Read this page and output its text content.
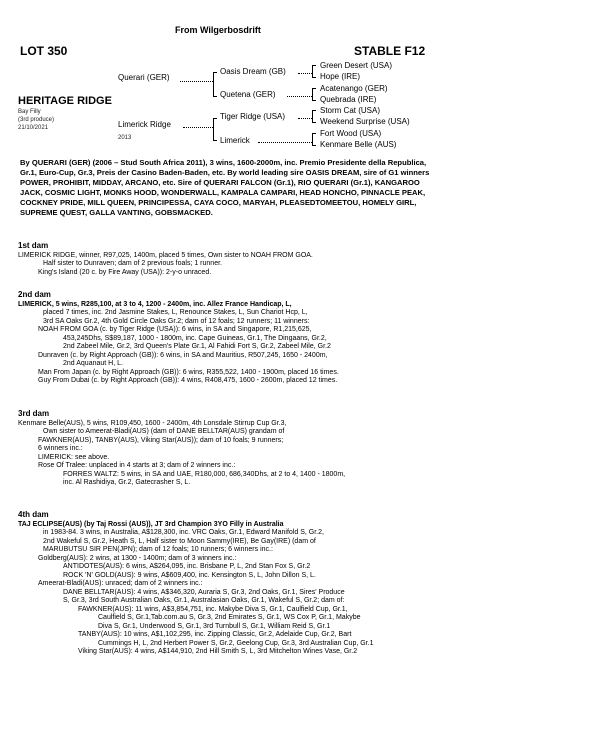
From Wilgerbosdrift
LOT 350	STABLE F12
HERITAGE RIDGE
Bay Filly
(3rd produce)
21/10/2021
Querari (GER)
Limerick Ridge
2013
Oasis Dream (GB)
Quetena (GER)
Tiger Ridge (USA)
Limerick
Green Desert (USA)
Hope (IRE)
Acatenango (GER)
Quebrada (IRE)
Storm Cat (USA)
Weekend Surprise (USA)
Fort Wood (USA)
Kenmare Belle (AUS)
By QUERARI (GER) (2006 – Stud South Africa 2011), 3 wins, 1600-2000m, inc. Premio Presidente della Republica, Gr.1, Euro-Cup, Gr.3, Preis der Casino Baden-Baden, etc. By world leading sire OASIS DREAM, sire of G1 winners POWER, PROHIBIT, MIDDAY, ARCANO, etc. Sire of QUERARI FALCON (Gr.1), RIO QUERARI (Gr.1), KANGAROO JACK, COSMIC LIGHT, MONKS HOOD, WONDERWALL, KAMPALA CAMPARI, HEAD HONCHO, PINNACLE PEAK, COCKNEY PRIDE, MILL QUEEN, PRINCIPESSA, CAYA COCO, MARYAH, PLEASEDTOMEETOU, HOMELY GIRL, SUPREME QUEST, GALLA VANTING, GOBSMACKED.
1st dam
LIMERICK RIDGE, winner, R97,025, 1400m, placed 5 times, Own sister to NOAH FROM GOA.
Half sister to Dunraven; dam of 2 previous foals; 1 runner.
King's Island (20 c. by Fire Away (USA)): 2-y-o unraced.
2nd dam
LIMERICK, 5 wins, R285,100, at 3 to 4, 1200 - 2400m, inc. Allez France Handicap, L,
placed 7 times, inc. 2nd Jasmine Stakes, L, Renounce Stakes, L, Sun Chariot Hcp, L,
3rd SA Oaks Gr.2, 4th Gold Circle Oaks Gr.2; dam of 12 foals; 12 runners; 11 winners:
NOAH FROM GOA (c. by Tiger Ridge (USA)): 6 wins, in SA and Singapore, R1,215,625,
453,245Dhs, S$89,187, 1000 - 1800m, inc. Cape Guineas, Gr.1, The Dingaans, Gr.2,
2nd Zabeel Mile, Gr.2, 3rd Queen's Plate Gr.1, Al Fahidi Fort S, Gr.2, Zabeel Mile, Gr.2
Dunraven (c. by Right Approach (GB)): 6 wins, in SA and Mauritius, R507,245, 1650 - 2400m,
2nd Aquanaut H, L.
Man From Japan (c. by Right Approach (GB)): 6 wins, R355,522, 1400 - 1900m, placed 16 times.
Guy From Dubai (c. by Right Approach (GB)): 4 wins, R408,475, 1600 - 2600m, placed 12 times.
3rd dam
Kenmare Belle(AUS), 5 wins, R109,450, 1600 - 2400m, 4th Lonsdale Stirrup Cup Gr.3,
Own sister to Ameerat-Bladi(AUS) (dam of DANE BELLTAR(AUS) grandam of
FAWKNER(AUS), TANBY(AUS), Viking Star(AUS)); dam of 10 foals; 9 runners;
6 winners inc.:
LIMERICK: see above.
Rose Of Tralee: unplaced in 4 starts at 3; dam of 2 winners inc.:
FORRES WALTZ: 5 wins, in SA and UAE, R180,000, 686,340Dhs, at 2 to 4, 1400 - 1800m,
inc. Al Rashidiya, Gr.2, Gatecrasher S, L.
4th dam
TAJ ECLIPSE(AUS) (by Taj Rossi (AUS)), JT 3rd Champion 3YO Filly in Australia
in 1983-84. 3 wins, in Australia, A$128,300, inc. VRC Oaks, Gr.1, Edward Manifold S, Gr.2,
2nd Wakeful S, Gr.2, Heath S, L, Half sister to Moon Sammy(IRE), Be Gay(IRE) (dam of
MARUBUTSU SIR PEN(JPN); dam of 12 foals; 10 runners; 6 winners inc.:
Goldberg(AUS): 2 wins, at 1300 - 1400m; dam of 3 winners inc.:
ANTIDOTES(AUS): 6 wins, A$264,095, inc. Brisbane P, L, 2nd Stan Fox S, Gr.2
ROCK 'N' GOLD(AUS): 9 wins, A$609,400, inc. Kensington S, L, John Dillon S, L.
Ameerat-Bladi(AUS): unraced; dam of 2 winners inc.:
DANE BELLTAR(AUS): 4 wins, A$346,320, Auraria S, Gr.3, 2nd Oaks, Gr.1, Sires' Produce
S, Gr.3, 3rd South Australian Oaks, Gr.1, Australasian Oaks, Gr.1, Wakeful S, Gr.2; dam of:
FAWKNER(AUS): 11 wins, A$3,854,751, inc. Makybe Diva S, Gr.1, Caulfield Cup, Gr.1,
Caulfield S, Gr.1,Tab.com.au S, Gr.3, 2nd Emirates S, Gr.1, WS Cox P, Gr.1, Makybe
Diva S, Gr.1, Underwood S, Gr.1, 3rd Turnbull S, Gr.1, William Reid S, Gr.1
TANBY(AUS): 10 wins, A$1,102,295, inc. Zipping Classic, Gr.2, Adelaide Cup, Gr.2, Bart
Cummings H, L, 2nd Herbert Power S, Gr.2, Geelong Cup, Gr.3, 3rd Australian Cup, Gr.1
Viking Star(AUS): 4 wins, A$144,910, 2nd Hill Smith S, L, 3rd Mitchelton Wines Vase, Gr.2
